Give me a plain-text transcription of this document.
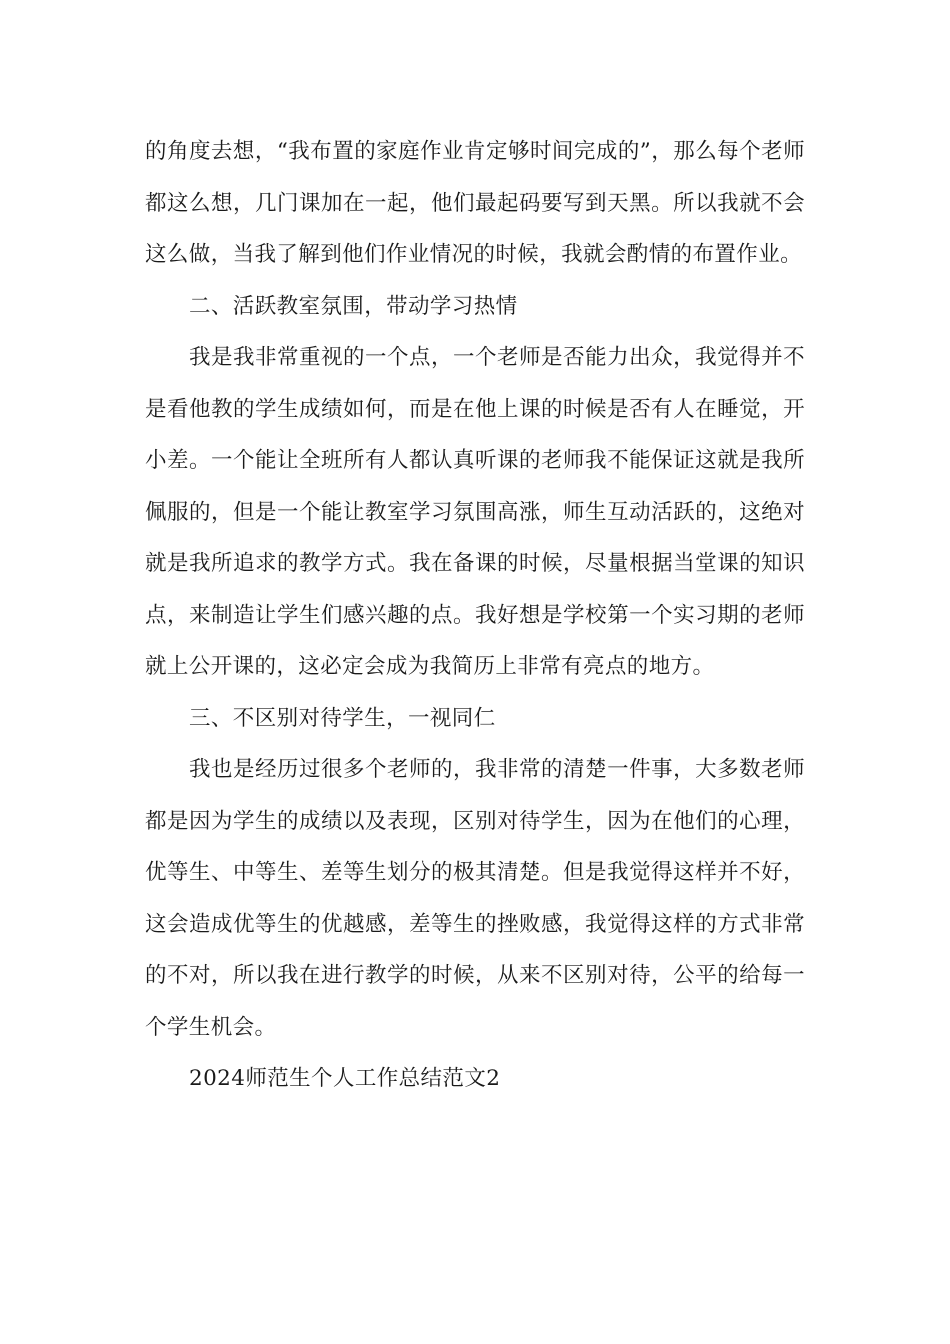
的角度去想，“我布置的家庭作业肯定够时间完成的”，那么每个老师都这么想，几门课加在一起，他们最起码要写到天黑。所以我就不会这么做，当我了解到他们作业情况的时候，我就会酌情的布置作业。

二、活跃教室氛围，带动学习热情

我是我非常重视的一个点，一个老师是否能力出众，我觉得并不是看他教的学生成绩如何，而是在他上课的时候是否有人在睡觉，开小差。一个能让全班所有人都认真听课的老师我不能保证这就是我所佩服的，但是一个能让教室学习氛围高涨，师生互动活跃的，这绝对就是我所追求的教学方式。我在备课的时候，尽量根据当堂课的知识点，来制造让学生们感兴趣的点。我好想是学校第一个实习期的老师就上公开课的，这必定会成为我简历上非常有亮点的地方。

三、不区别对待学生，一视同仁

我也是经历过很多个老师的，我非常的清楚一件事，大多数老师都是因为学生的成绩以及表现，区别对待学生，因为在他们的心理，优等生、中等生、差等生划分的极其清楚。但是我觉得这样并不好，这会造成优等生的优越感，差等生的挫败感，我觉得这样的方式非常的不对，所以我在进行教学的时候，从来不区别对待，公平的给每一个学生机会。

2024师范生个人工作总结范文2
